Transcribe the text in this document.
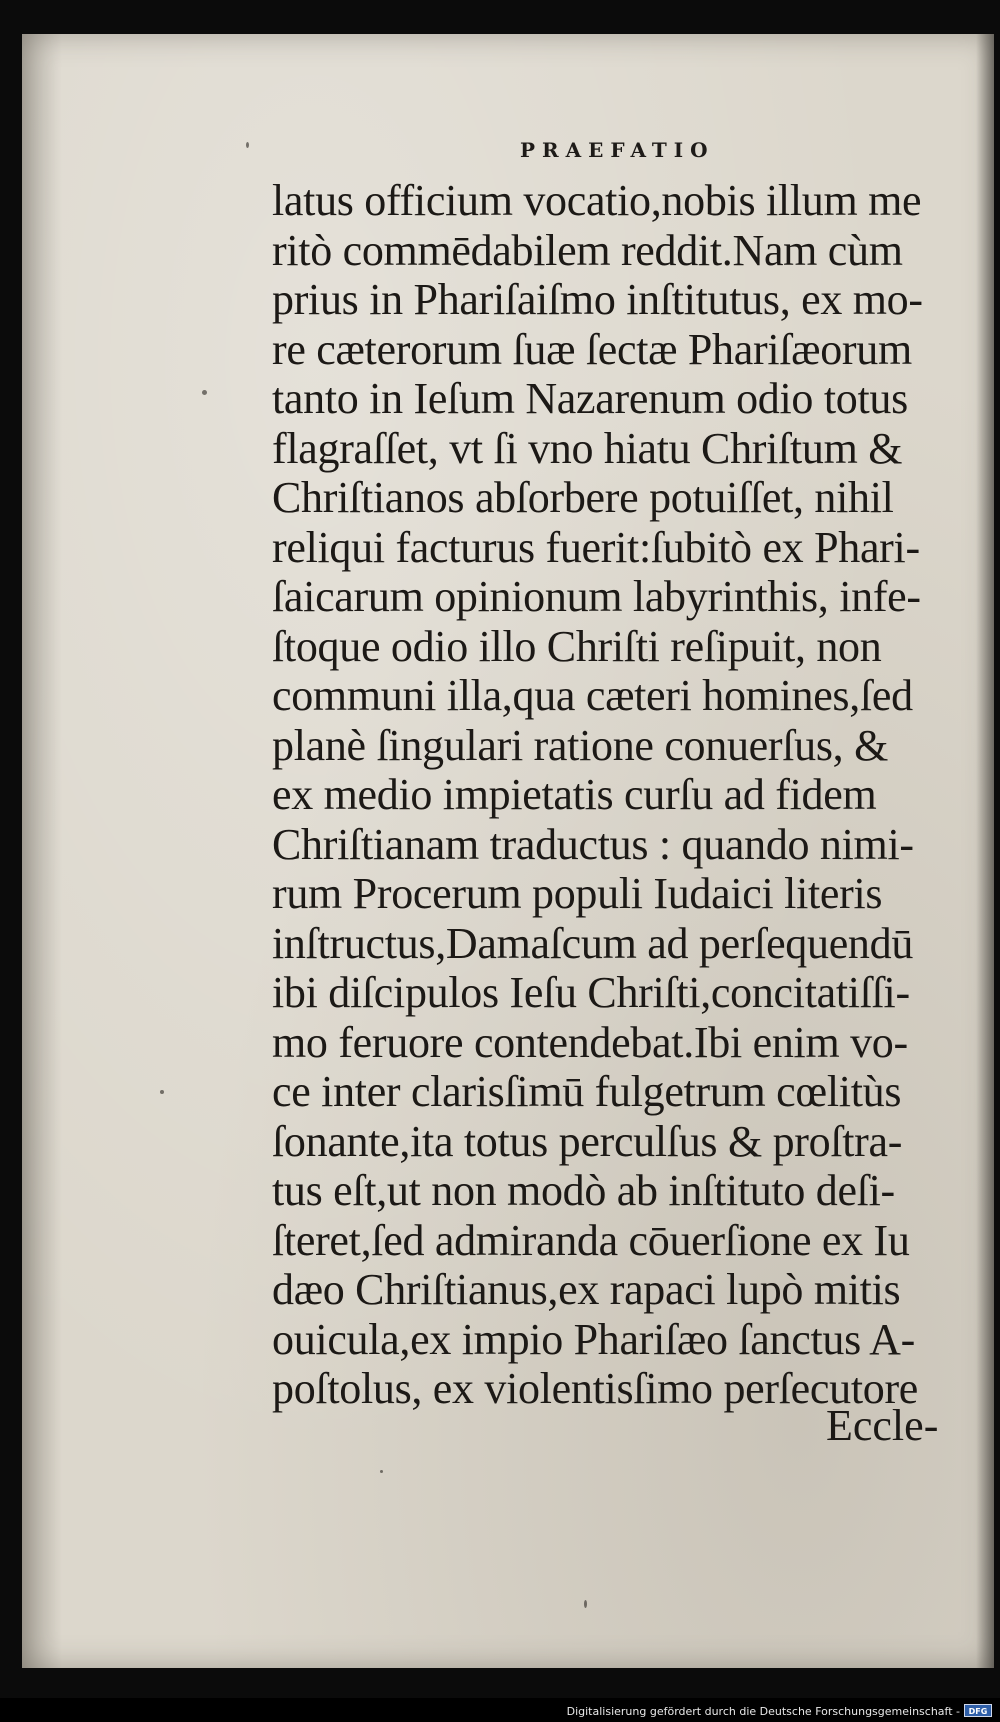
PRAEFATIO
latus officium vocatio,nobis illum me
ritò commēdabilem reddit.Nam cùm
prius in Phariſaiſmo inſtitutus, ex mo-
re cæterorum ſuæ ſectæ Phariſæorum
tanto in Ieſum Nazarenum odio totus
flagraſſet, vt ſi vno hiatu Chriſtum &
Chriſtianos abſorbere potuiſſet, nihil
reliqui facturus fuerit:ſubitò ex Phari-
ſaicarum opinionum labyrinthis, infe-
ſtoque odio illo Chriſti reſipuit, non
communi illa,qua cæteri homines,ſed
planè ſingulari ratione conuerſus, &
ex medio impietatis curſu ad fidem
Chriſtianam traductus : quando nimi-
rum Procerum populi Iudaici literis
inſtructus,Damaſcum ad perſequendū
ibi diſcipulos Ieſu Chriſti,concitatiſſi-
mo feruore contendebat.Ibi enim vo-
ce inter clarisſimū fulgetrum cœlitùs
ſonante,ita totus perculſus & proſtra-
tus eſt,ut non modò ab inſtituto deſi-
ſteret,ſed admiranda cōuerſione ex Iu
dæo Chriſtianus,ex rapaci lupò mitis
ouicula,ex impio Phariſæo ſanctus A-
poſtolus, ex violentisſimo perſecutore
Eccle-
Digitalisierung gefördert durch die Deutsche Forschungsgemeinschaft -	DFG
